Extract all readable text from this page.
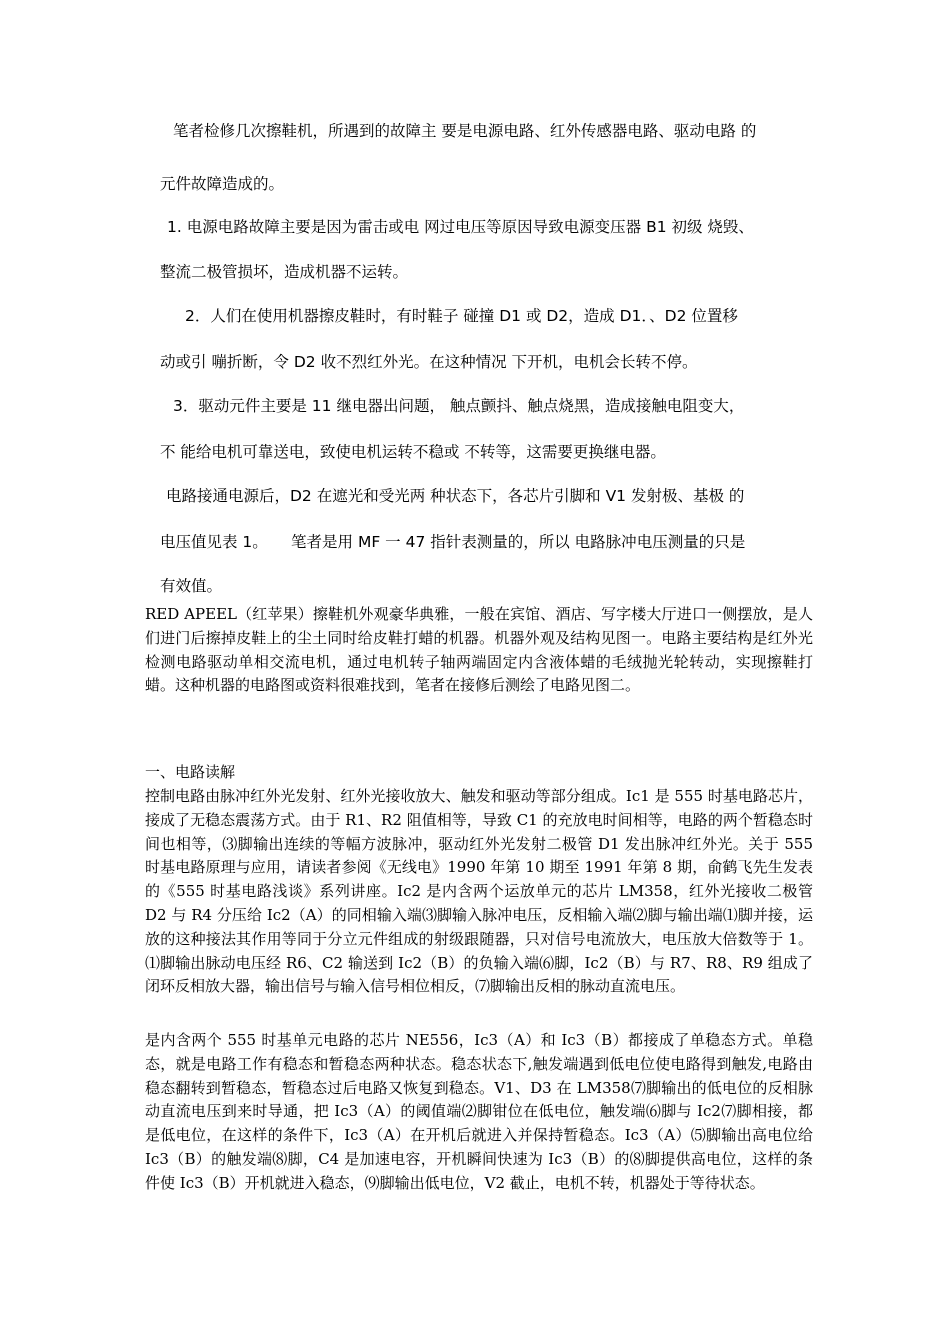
笔者检修几次擦鞋机，所遇到的故障主 要是电源电路、红外传感器电路、驱动电路 的
元件故障造成的。
1. 电源电路故障主要是因为雷击或电 网过电压等原因导致电源变压器 B1 初级 烧毁、
整流二极管损坏，造成机器不运转。
2．人们在使用机器擦皮鞋时，有时鞋子 碰撞 D1 或 D2，造成 D1．、D2 位置移
动或引 嘣折断，令 D2 收不烈红外光。在这种情况 下开机，电机会长转不停。
3．驱动元件主要是 11 继电器出问题， 触点颤抖、触点烧黑，造成接触电阻变大，
不 能给电机可靠送电，致使电机运转不稳或 不转等，这需要更换继电器。
电路接通电源后，D2 在遮光和受光两 种状态下，各芯片引脚和 V1 发射极、基极 的
电压值见表 1。　　笔者是用 MF 一 47 指针表测量的，所以 电路脉冲电压测量的只是
有效值。
RED APEEL（红苹果）擦鞋机外观豪华典雅，一般在宾馆、酒店、写字楼大厅进口一侧摆放，是人们进门后擦掉皮鞋上的尘土同时给皮鞋打蜡的机器。机器外观及结构见图一。电路主要结构是红外光检测电路驱动单相交流电机，通过电机转子轴两端固定内含液体蜡的毛绒抛光轮转动，实现擦鞋打蜡。这种机器的电路图或资料很难找到，笔者在接修后测绘了电路见图二。
一、电路读解
控制电路由脉冲红外光发射、红外光接收放大、触发和驱动等部分组成。Ic1 是 555 时基电路芯片，接成了无稳态震荡方式。由于 R1、R2 阻值相等，导致 C1 的充放电时间相等，电路的两个暂稳态时间也相等，⑶脚输出连续的等幅方波脉冲，驱动红外光发射二极管 D1 发出脉冲红外光。关于 555 时基电路原理与应用，请读者参阅《无线电》1990 年第 10 期至 1991 年第 8 期，俞鹤飞先生发表的《555 时基电路浅谈》系列讲座。Ic2 是内含两个运放单元的芯片 LM358，红外光接收二极管 D2 与 R4 分压给 Ic2（A）的同相输入端⑶脚输入脉冲电压，反相输入端⑵脚与输出端⑴脚并接，运放的这种接法其作用等同于分立元件组成的射级跟随器，只对信号电流放大，电压放大倍数等于 1。⑴脚输出脉动电压经 R6、C2 输送到 Ic2（B）的负输入端⑹脚，Ic2（B）与 R7、R8、R9 组成了闭环反相放大器，输出信号与输入信号相位相反，⑺脚输出反相的脉动直流电压。
是内含两个 555 时基单元电路的芯片 NE556，Ic3（A）和 Ic3（B）都接成了单稳态方式。单稳态，就是电路工作有稳态和暂稳态两种状态。稳态状态下,触发端遇到低电位使电路得到触发,电路由稳态翻转到暂稳态，暂稳态过后电路又恢复到稳态。V1、D3 在 LM358⑺脚输出的低电位的反相脉动直流电压到来时导通，把 Ic3（A）的阈值端⑵脚钳位在低电位，触发端⑹脚与 Ic2⑺脚相接，都是低电位，在这样的条件下，Ic3（A）在开机后就进入并保持暂稳态。Ic3（A）⑸脚输出高电位给 Ic3（B）的触发端⑻脚，C4 是加速电容，开机瞬间快速为 Ic3（B）的⑻脚提供高电位，这样的条件使 Ic3（B）开机就进入稳态，⑼脚输出低电位，V2 截止，电机不转，机器处于等待状态。
